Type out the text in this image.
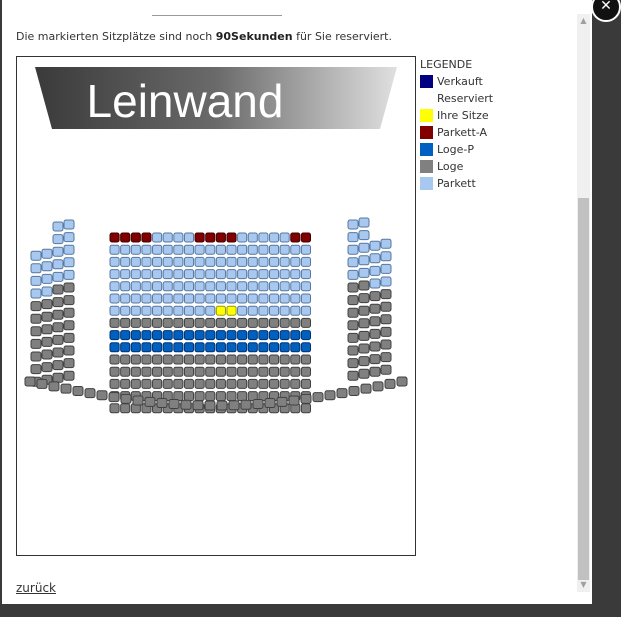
Die markierten Sitzplätze sind noch 90Sekunden für Sie reserviert.
Leinwand
LEGENDE
Verkauft
Reserviert
Ihre Sitze
Parkett-A
Loge-P
Loge
Parkett
zurück
▲
▼
✕
